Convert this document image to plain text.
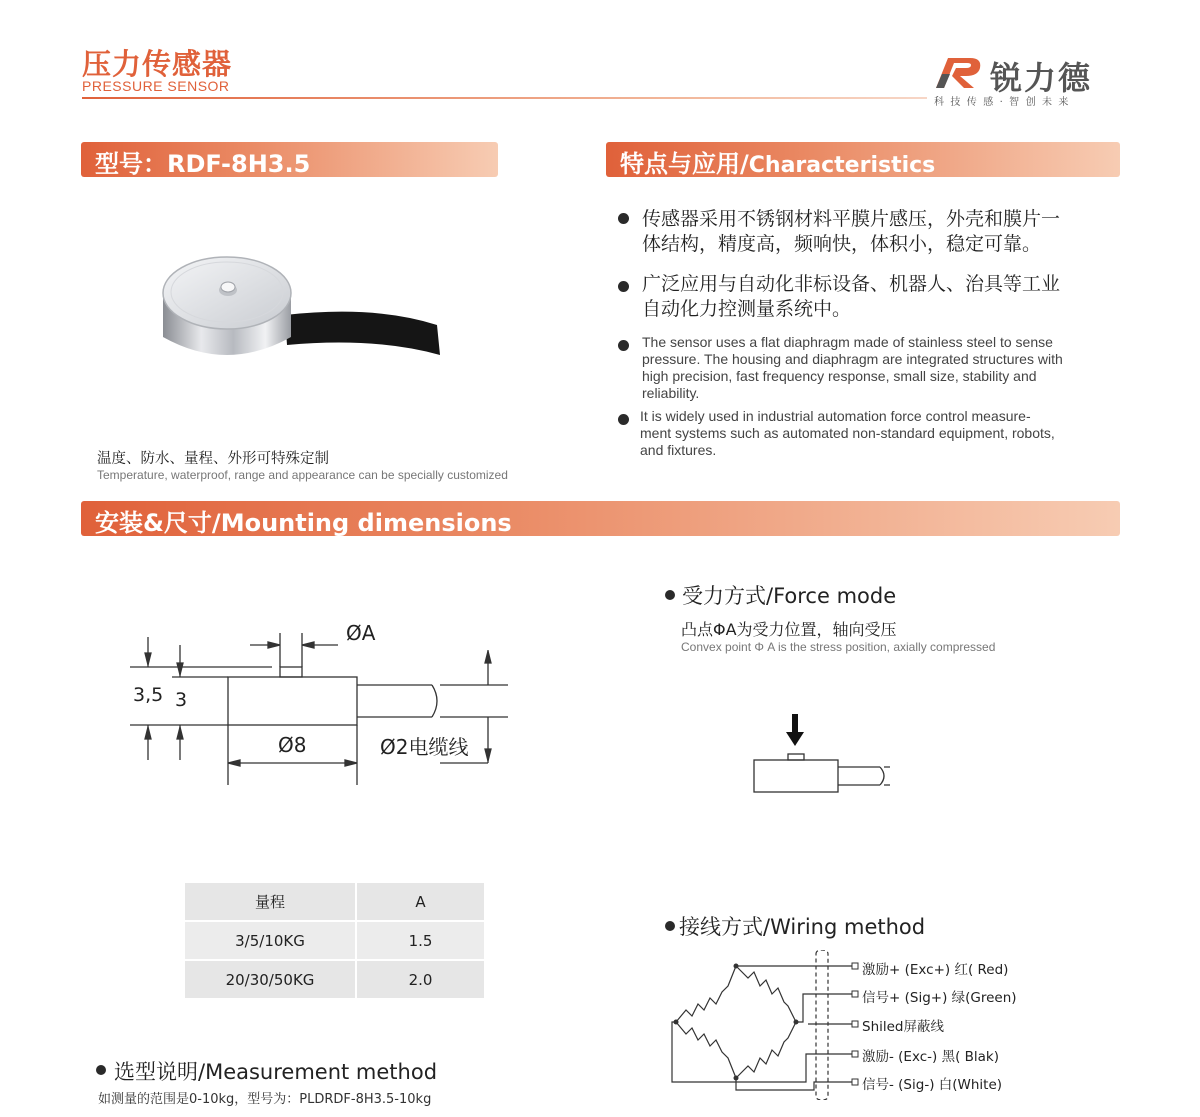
压力传感器
PRESSURE SENSOR	锐力德
科技传感·智创未来
型号：RDF-8H3.5	特点与应用/Characteristics
传感器采用不锈钢材料平膜片感压，外壳和膜片一
体结构，精度高，频响快，体积小，稳定可靠。
广泛应用与自动化非标设备、机器人、治具等工业
自动化力控测量系统中。
The sensor uses a flat diaphragm made of stainless steel to sense
pressure. The housing and diaphragm are integrated structures with
high precision, fast frequency response, small size, stability and
reliability.
It is widely used in industrial automation force control measure-
ment systems such as automated non-standard equipment, robots,
and fixtures.
温度、防水、量程、外形可特殊定制
Temperature, waterproof, range and appearance can be specially customized
安装&尺寸/Mounting dimensions
ØA
3,5 3
Ø8	Ø2电缆线
受力方式/Force mode
凸点ΦA为受力位置，轴向受压
Convex point Φ A is the stress position, axially compressed
量程	A
3/5/10KG	1.5
20/30/50KG	2.0
接线方式/Wiring method
激励+ (Exc+) 红( Red)
信号+ (Sig+) 绿(Green)
Shiled屏蔽线
激励- (Exc-) 黑( Blak)
信号- (Sig-) 白(White)
选型说明/Measurement method
如测量的范围是0-10kg，型号为：PLDRDF-8H3.5-10kg
